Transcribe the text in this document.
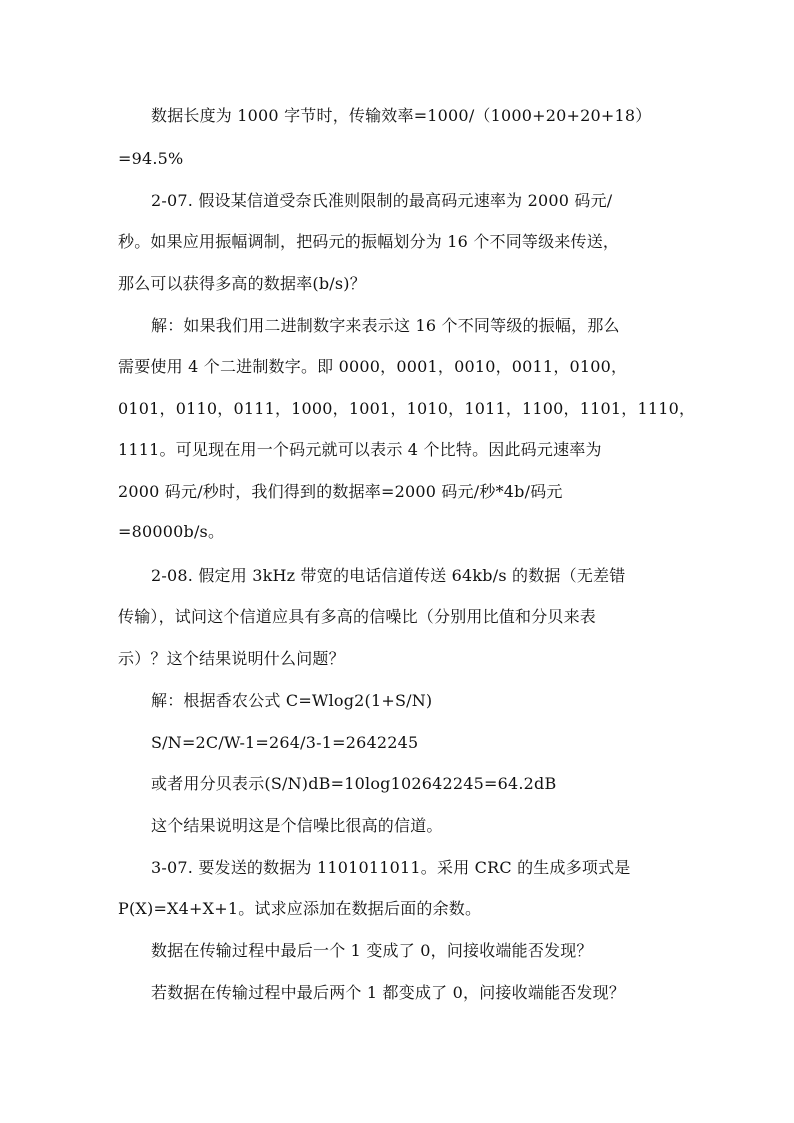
数据长度为 1000 字节时，传输效率=1000/（1000+20+20+18）
=94.5%
2-07. 假设某信道受奈氏准则限制的最高码元速率为 2000 码元/
秒。如果应用振幅调制，把码元的振幅划分为 16 个不同等级来传送，
那么可以获得多高的数据率(b/s)？
解：如果我们用二进制数字来表示这 16 个不同等级的振幅，那么
需要使用 4 个二进制数字。即 0000，0001，0010，0011，0100，
0101，0110，0111，1000，1001，1010，1011，1100，1101，1110，
1111。可见现在用一个码元就可以表示 4 个比特。因此码元速率为
2000 码元/秒时，我们得到的数据率=2000 码元/秒*4b/码元
=80000b/s。
2-08. 假定用 3kHz 带宽的电话信道传送 64kb/s 的数据（无差错
传输），试问这个信道应具有多高的信噪比（分别用比值和分贝来表
示）？这个结果说明什么问题？
解：根据香农公式 C=Wlog2(1+S/N)
S/N=2C/W-1=264/3-1=2642245
或者用分贝表示(S/N)dB=10log102642245=64.2dB
这个结果说明这是个信噪比很高的信道。
3-07. 要发送的数据为 1101011011。采用 CRC 的生成多项式是
P(X)=X4+X+1。试求应添加在数据后面的余数。
数据在传输过程中最后一个 1 变成了 0，问接收端能否发现？
若数据在传输过程中最后两个 1 都变成了 0，问接收端能否发现？
